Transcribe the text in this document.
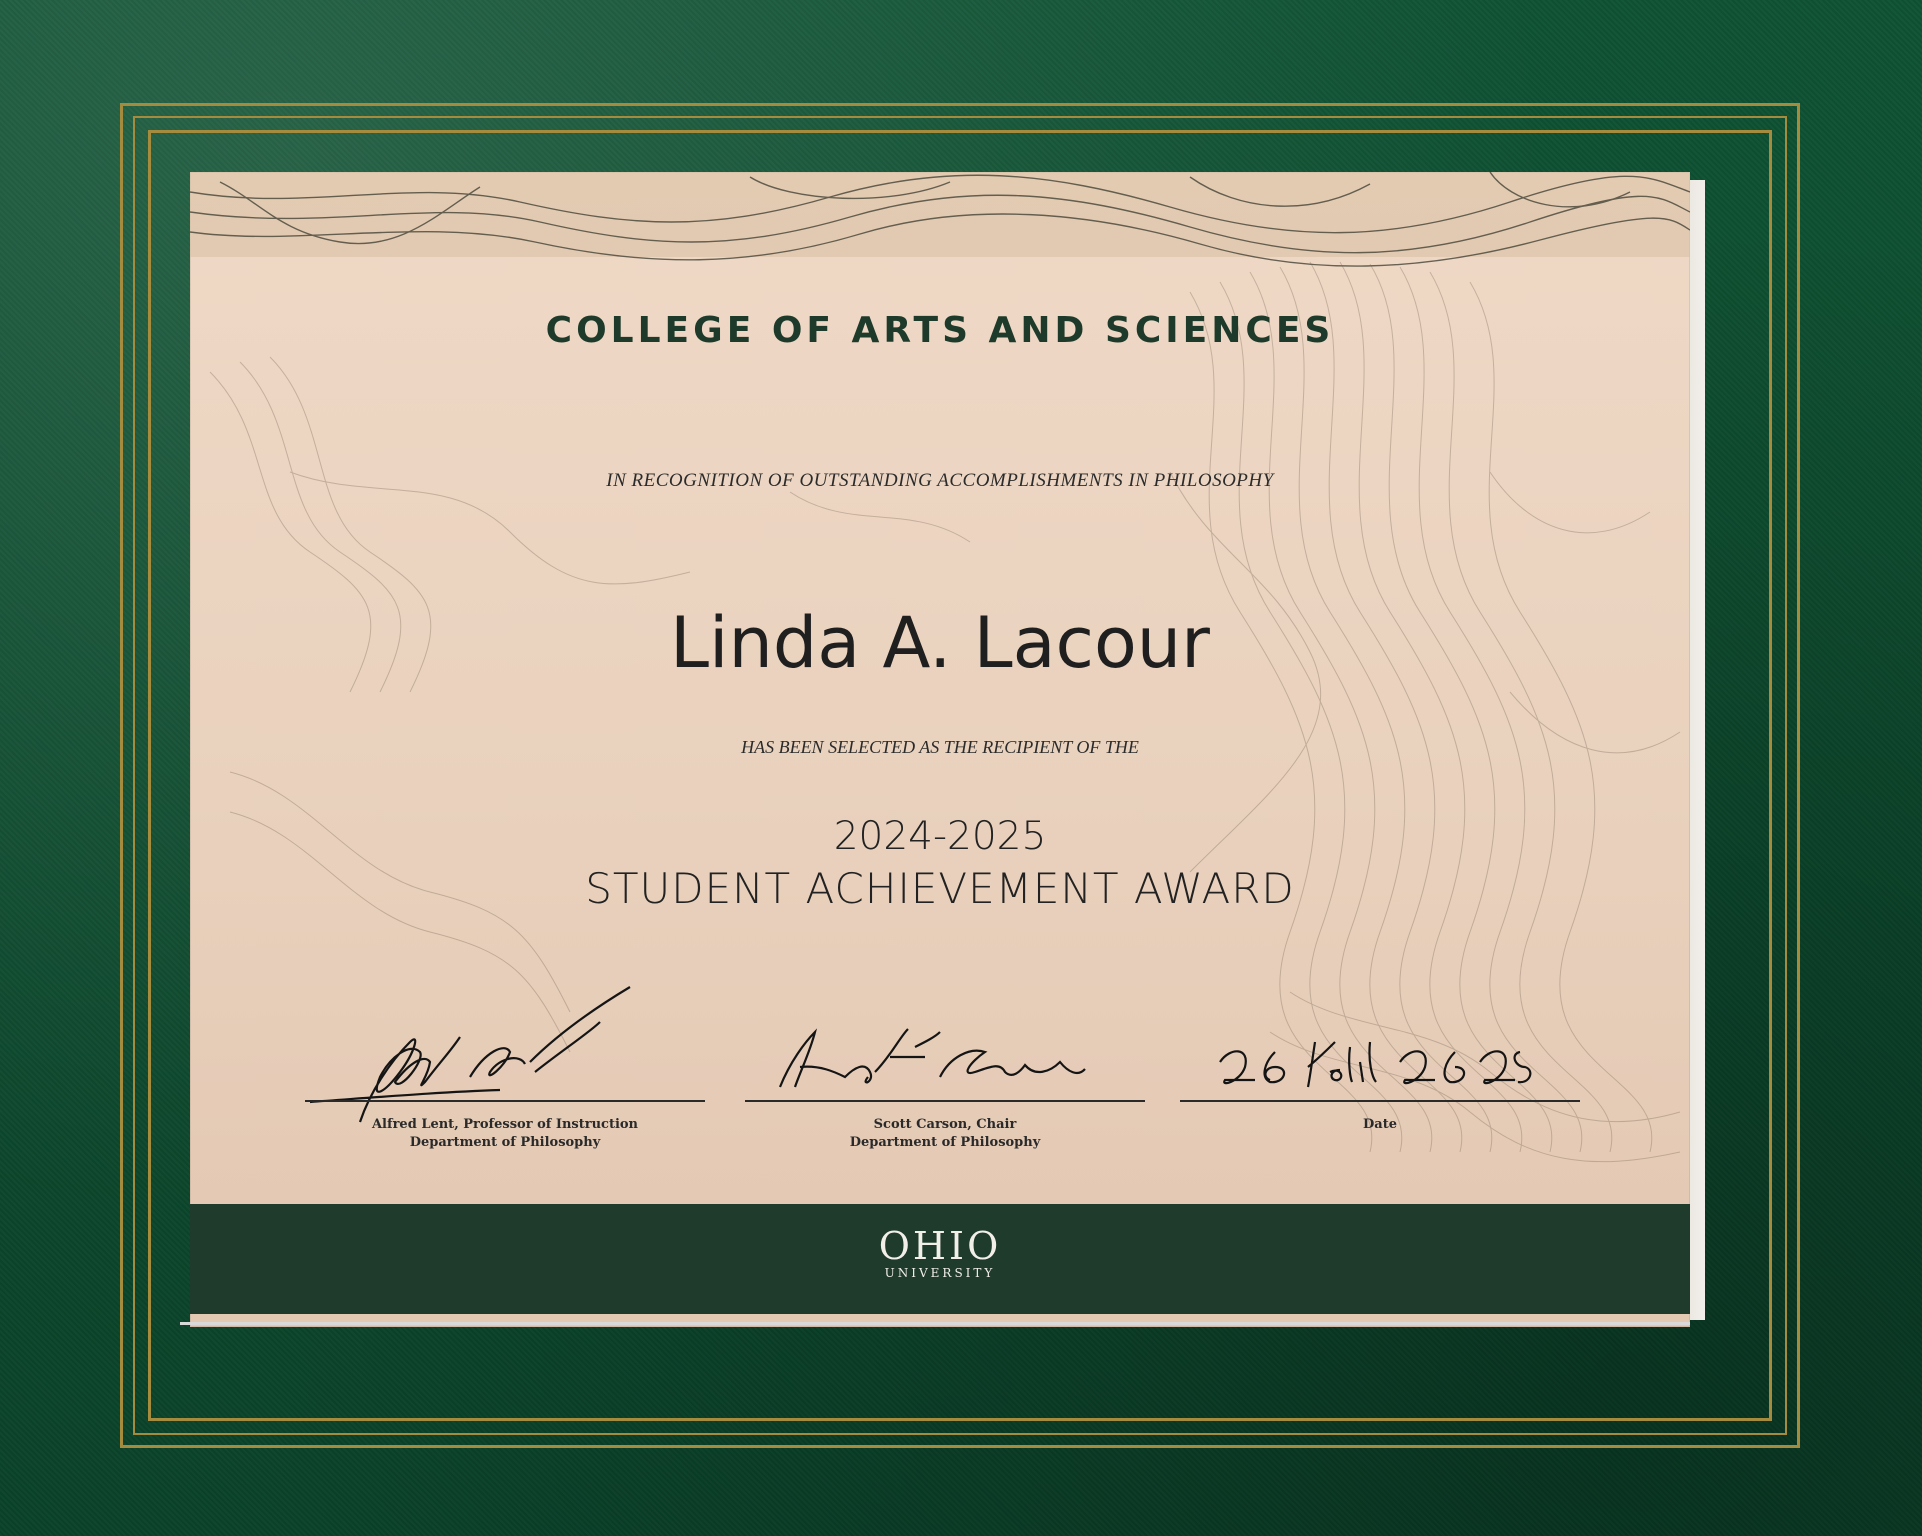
COLLEGE OF ARTS AND SCIENCES
IN RECOGNITION OF OUTSTANDING ACCOMPLISHMENTS IN PHILOSOPHY
Linda A. Lacour
HAS BEEN SELECTED AS THE RECIPIENT OF THE
2024-2025
STUDENT ACHIEVEMENT AWARD
Alfred Lent, Professor of Instruction
Department of Philosophy
Scott Carson, Chair
Department of Philosophy
Date
OHIO
UNIVERSITY
